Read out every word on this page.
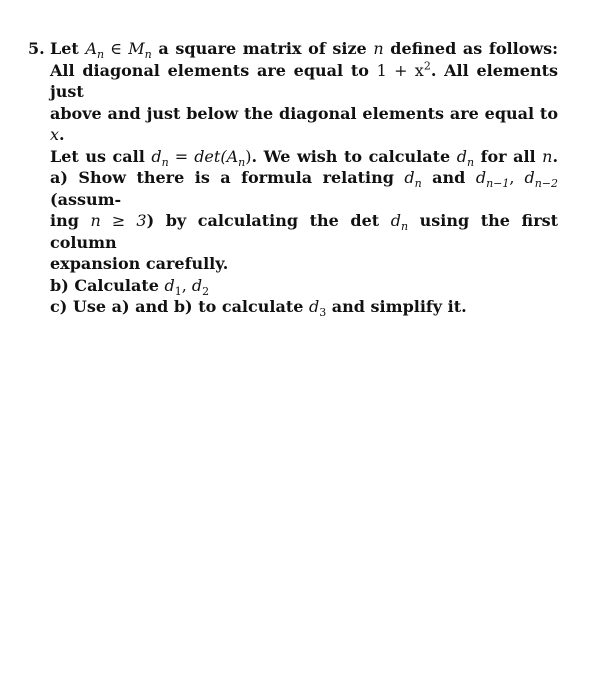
5. Let $A_n$ ∈ $M_n$ a square matrix of size n defined as follows:
All diagonal elements are equal to $1 + x^2$. All elements just
above and just below the diagonal elements are equal to x.
Let us call $d_n = \det(A_n)$. We wish to calculate $d_n$ for all n.
a) Show there is a formula relating $d_n$ and $d_{n-1}$, $d_{n-2}$ (assum-
ing n ≥ 3) by calculating the $\det d_n$ using the first column
expansion carefully.
b) Calculate $d_1$, $d_2$
c) Use a) and b) to calculate $d_3$ and simplify it.
